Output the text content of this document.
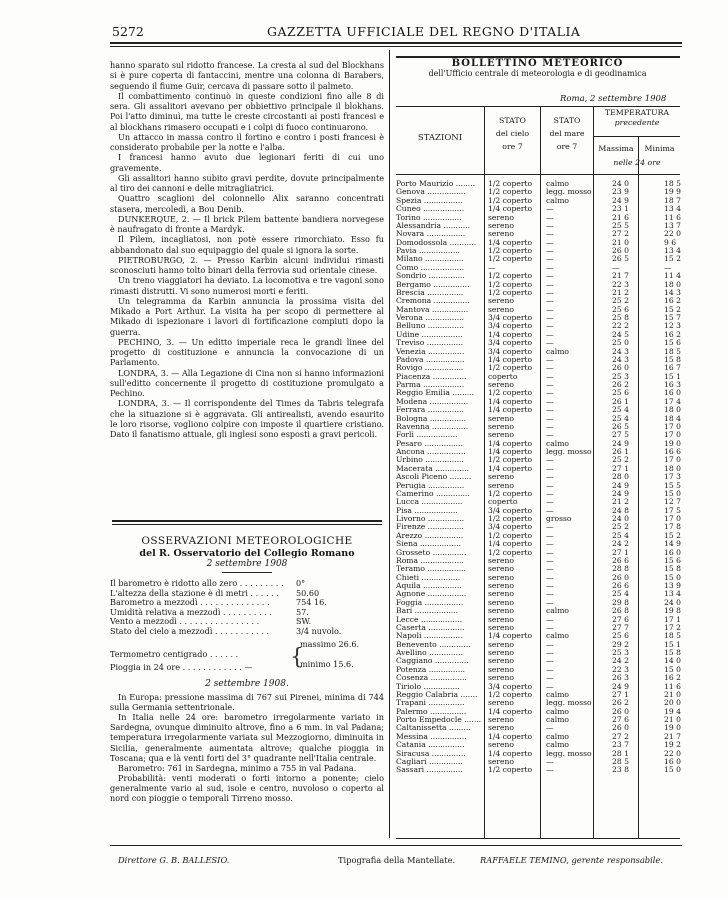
5272	GAZZETTA UFFICIALE DEL REGNO D'ITALIA

hanno sparato sul ridotto francese. La cresta al sud del Blockhans si è pure coperta di fantaccini, mentre una colonna di Barabers, seguendo il fiume Guir, cercava di passare sotto il palmeto.

Il combattimento continuò in queste condizioni fino alle 8 di sera. Gli assalitori avevano per obbiettivo principale il blokhans. Poi l'atto diminuì, ma tutte le creste circostanti ai posti francesi e al blockhans rimasero occupati e i colpi di fuoco continuarono.

Un attacco in massa contro il fortino e contro i posti francesi è considerato probabile per la notte e l'alba.

I francesi hanno avuto due legionari feriti di cui uno gravemente.

Gli assalitori hanno subito gravi perdite, dovute principalmente al tiro dei cannoni e delle mitragliatrici.

Quattro scaglioni del colonnello Alix saranno concentrati stasera, mercoledì, a Bou Denib.

DUNKERQUE, 2. — Il brick Pilem battente bandiera norvegese è naufragato di fronte a Mardyk.

Il Pilem, incagliatosi, non potè essere rimorchiato. Esso fu abbandonato dal suo equipaggio del quale si ignora la sorte.

PIETROBURGO, 2. — Presso Karbin alcuni individui rimasti sconosciuti hanno tolto binari della ferrovia sud orientale cinese.

Un treno viaggiatori ha deviato. La locomotiva e tre vagoni sono rimasti distrutti. Vi sono numerosi morti e feriti.

Un telegramma da Karbin annuncia la prossima visita del Mikado a Port Arthur. La visita ha per scopo di permettere al Mikado di ispezionare i lavori di fortificazione compiuti dopo la guerra.

PECHINO, 3. — Un editto imperiale reca le grandi linee del progetto di costituzione e annuncia la convocazione di un Parlamento.

LONDRA, 3. — Alla Legazione di Cina non si hanno informazioni sull'editto concernente il progetto di costituzione promulgato a Pechino.

LONDRA, 3. — Il corrispondente del Times da Tabris telegrafa che la situazione si è aggravata. Gli antirealisti, avendo esaurito le loro risorse, vogliono colpire con imposte il quartiere cristiano. Dato il fanatismo attuale, gli inglesi sono esposti a gravi pericoli.

OSSERVAZIONI METEOROLOGICHE
del R. Osservatorio del Collegio Romano
2 settembre 1908
Il barometro è ridotto allo zero . . . . . . . . . 0°
L'altezza della stazione è di metri . . . . . . 50.60
Barometro a mezzodì . . . . . . . . . . . . . .	754 16.
Umidità relativa a mezzodì . . . . . . . . . .	57.
Vento a mezzodì . . . . . . . . . . . . . . . .	SW.
Stato del cielo a mezzodì . . . . . . . . . . .	3/4 nuvolo.
Termometro centigrado . . . . . . {
massimo 26.6.
minimo 15.6.
Pioggia in 24 ore . . . . . . . . . . . . —
2 settembre 1908.

In Europa: pressione massima di 767 sui Pirenei, minima di 744 sulla Germania settentrionale.

In Italia nelle 24 ore: barometro irregolarmente variato in Sardegna, ovunque diminuito altrove, fino a 6 mm. in val Padana; temperatura irregolarmente variata sul Mezzogiorno, diminuita in Sicilia, generalmente aumentata altrove; qualche pioggia in Toscana; qua e là venti forti del 3° quadrante nell'Italia centrale.

Barometro: 761 in Sardegna, minimo a 755 in val Padana.

Probabilità: venti moderati o forti intorno a ponente; cielo generalmente vario al sud, isole e centro, nuvoloso o coperto al nord con pioggie o temporali Tirreno mosso.

BOLLETTINO METEORICO
dell'Ufficio centrale di meteorologia e di geodinamica
Roma, 2 settembre 1908
STAZIONI
STATO
del cielo
ore 7
STATO
del mare
ore 7
TEMPERATURA
precedente
Massima	Minima
nelle 24 ore
Porto Maurizio ........	1/2 coperto	calmo	24 0	18 5
Genova ................	1/2 coperto	legg. mosso	23 9	19 9
Spezia ................	1/2 coperto	calmo	24 9	18 7
Cuneo .................	1/4 coperto	—	23 1	13 4
Torino ................	sereno	—	21 6	11 6
Alessandria ...........	sereno	—	25 5	13 7
Novara ................	sereno	—	27 2	22 0
Domodossola ...........	1/4 coperto	—	21 0	9 6
Pavia .................	1/2 coperto	—	26 0	13 4
Milano ................	1/2 coperto	—	26 5	15 2
Como ..................	—	—	—	—
Sondrio ...............	1/2 coperto	—	21 7	11 4
Bergamo ...............	1/2 coperto	—	22 3	18 0
Brescia ...............	1/2 coperto	—	21 2	14 3
Cremona ...............	sereno	—	25 2	16 2
Mantova ...............	sereno	—	25 6	15 2
Verona ................	3/4 coperto	—	25 8	15 7
Belluno ...............	3/4 coperto	—	22 2	12 3
Udine .................	1/4 coperto	—	24 5	16 2
Treviso ...............	3/4 coperto	—	25 0	15 6
Venezia ...............	3/4 coperto	calmo	24 3	18 5
Padova ................	1/4 coperto	—	24 3	15 8
Rovigo ................	1/2 coperto	—	26 0	16 7
Piacenza ..............	coperto	—	25 3	15 1
Parma .................	sereno	—	26 2	16 3
Reggio Emilia .........	1/2 coperto	—	25 6	16 0
Modena ................	1/4 coperto	—	26 1	17 4
Ferrara ...............	1/4 coperto	—	25 4	18 0
Bologna ...............	sereno	—	25 4	18 4
Ravenna ...............	sereno	—	26 5	17 0
Forlì .................	sereno	—	27 5	17 0
Pesaro ................	1/4 coperto	calmo	24 9	19 0
Ancona ................	1/4 coperto	legg. mosso	26 1	16 6
Urbino ................	1/2 coperto	—	25 2	17 0
Macerata ..............	1/4 coperto	—	27 1	18 0
Ascoli Piceno .........	sereno	—	28 0	17 3
Perugia ...............	sereno	—	24 9	15 5
Camerino ..............	1/2 coperto	—	24 9	15 0
Lucca .................	coperto	—	21 2	12 7
Pisa ..................	3/4 coperto	—	24 8	17 5
Livorno ...............	1/2 coperto	grosso	24 0	17 0
Firenze ...............	3/4 coperto	—	25 2	17 8
Arezzo ................	1/2 coperto	—	25 4	15 2
Siena .................	1/4 coperto	—	24 2	14 9
Grosseto ..............	1/2 coperto	—	27 1	16 0
Roma ..................	sereno	—	26 6	15 6
Teramo ................	sereno	—	28 8	15 8
Chieti ................	sereno	—	26 0	15 0
Aquila ................	sereno	—	26 6	13 9
Agnone ................	sereno	—	25 4	13 4
Foggia ................	sereno	—	29 8	24 0
Bari ..................	sereno	calmo	26 8	19 8
Lecce .................	sereno	—	27 6	17 1
Caserta ...............	sereno	—	27 7	17 2
Napoli ................	1/4 coperto	calmo	25 6	18 5
Benevento .............	sereno	—	29 2	15 1
Avellino ..............	sereno	—	25 3	15 8
Caggiano ..............	sereno	—	24 2	14 0
Potenza ...............	sereno	—	22 3	15 0
Cosenza ...............	sereno	—	26 3	16 2
Tiriolo ...............	3/4 coperto	—	24 9	11 6
Reggio Calabria .......	1/2 coperto	calmo	27 1	21 0
Trapani ...............	sereno	legg. mosso	26 2	20 0
Palermo ...............	1/4 coperto	calmo	26 0	19 4
Porto Empedocle .......	sereno	calmo	27 6	21 0
Caltanissetta .........	sereno	—	26 0	19 0
Messina ...............	1/4 coperto	calmo	27 2	21 7
Catania ...............	sereno	calmo	23 7	19 2
Siracusa ..............	1/4 coperto	legg. mosso	28 1	22 0
Cagliari ..............	sereno	—	28 5	16 0
Sassari ...............	1/2 coperto	—	23 8	15 0
Direttore G. B. BALLESIO.	Tipografia della Mantellate.	RAFFAELE TEMINO, gerente responsabile.
